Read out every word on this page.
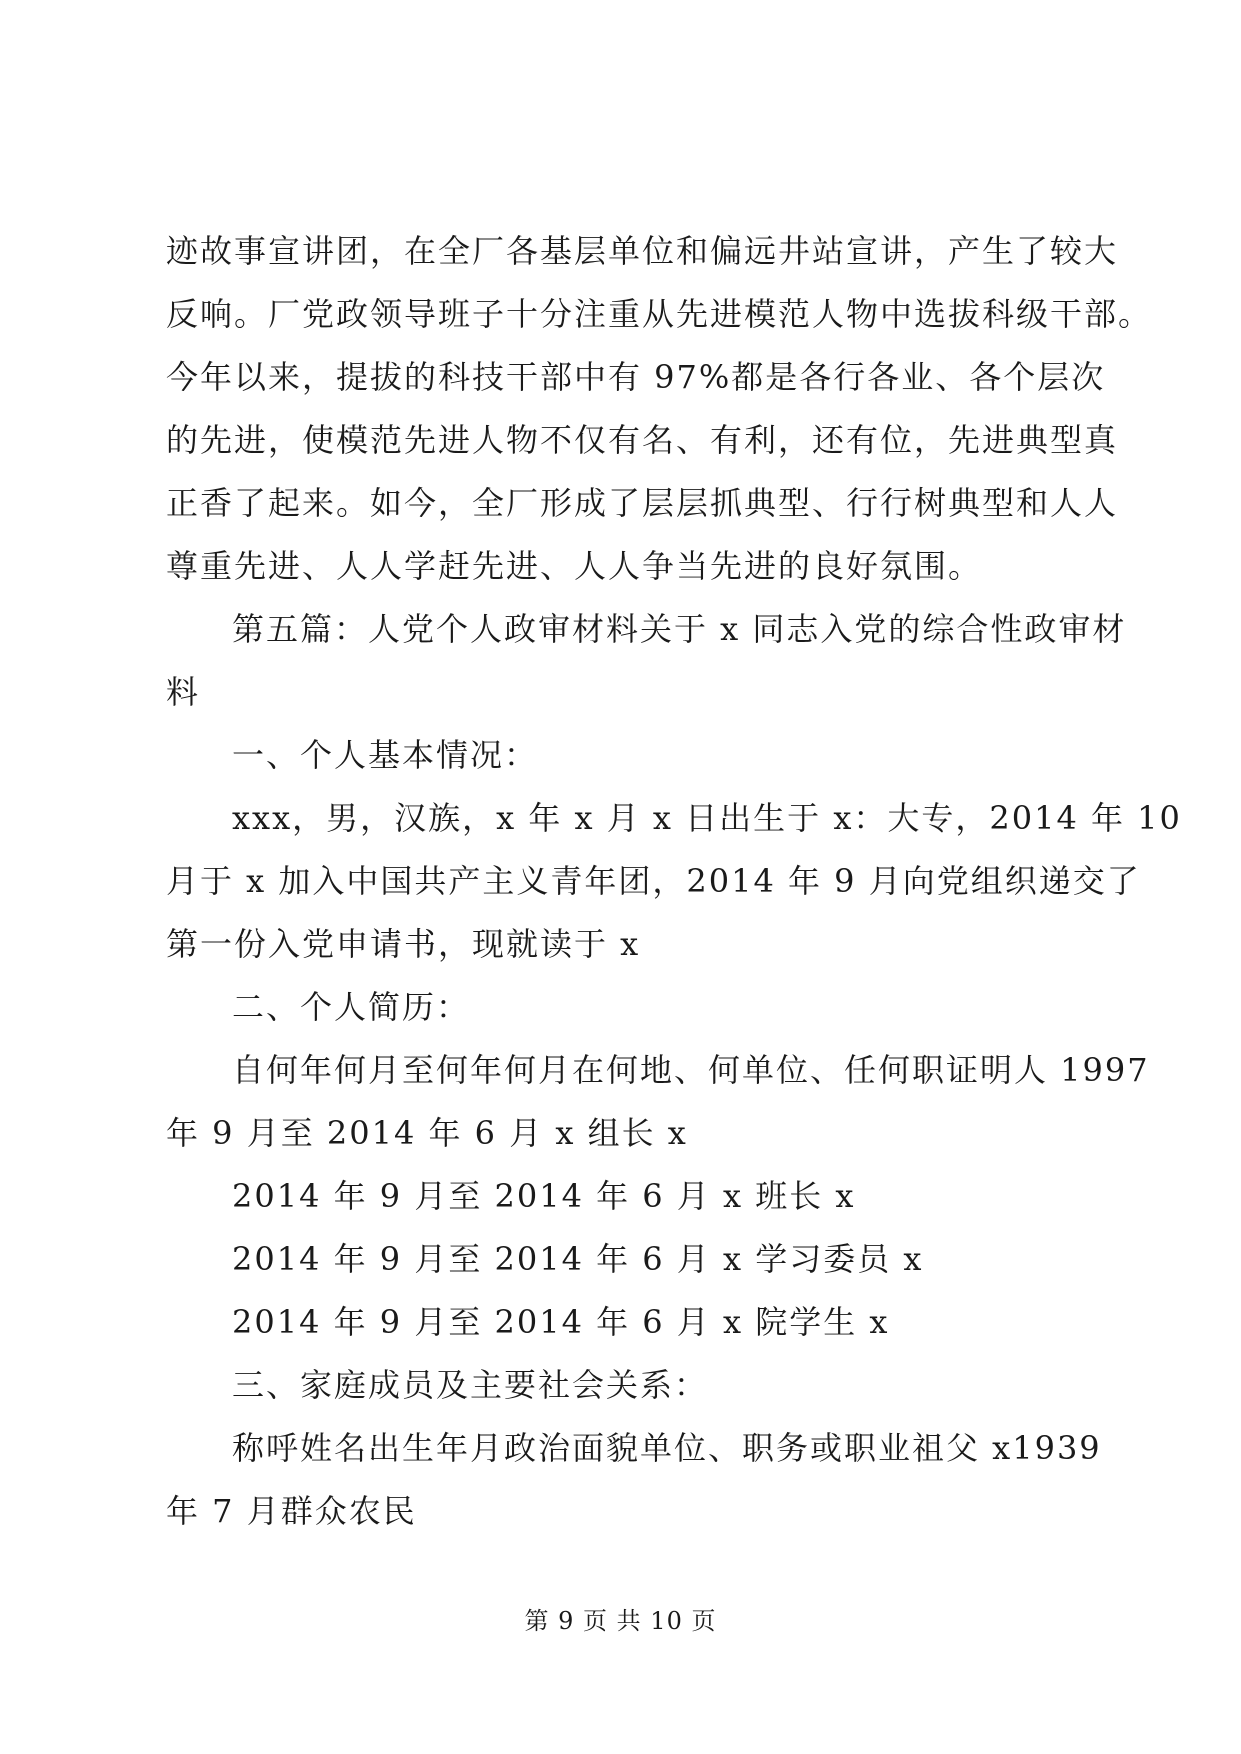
迹故事宣讲团，在全厂各基层单位和偏远井站宣讲，产生了较大
反响。厂党政领导班子十分注重从先进模范人物中选拔科级干部。
今年以来，提拔的科技干部中有 97%都是各行各业、各个层次
的先进，使模范先进人物不仅有名、有利，还有位，先进典型真
正香了起来。如今，全厂形成了层层抓典型、行行树典型和人人
尊重先进、人人学赶先进、人人争当先进的良好氛围。
第五篇：人党个人政审材料关于 x 同志入党的综合性政审材
料
一、个人基本情况：
xxx，男，汉族，x 年 x 月 x 日出生于 x：大专，2014 年 10
月于 x 加入中国共产主义青年团，2014 年 9 月向党组织递交了
第一份入党申请书，现就读于 x
二、个人简历：
自何年何月至何年何月在何地、何单位、任何职证明人 1997
年 9 月至 2014 年 6 月 x 组长 x
2014 年 9 月至 2014 年 6 月 x 班长 x
2014 年 9 月至 2014 年 6 月 x 学习委员 x
2014 年 9 月至 2014 年 6 月 x 院学生 x
三、家庭成员及主要社会关系：
称呼姓名出生年月政治面貌单位、职务或职业祖父 x1939
年 7 月群众农民
第 9 页 共 10 页
